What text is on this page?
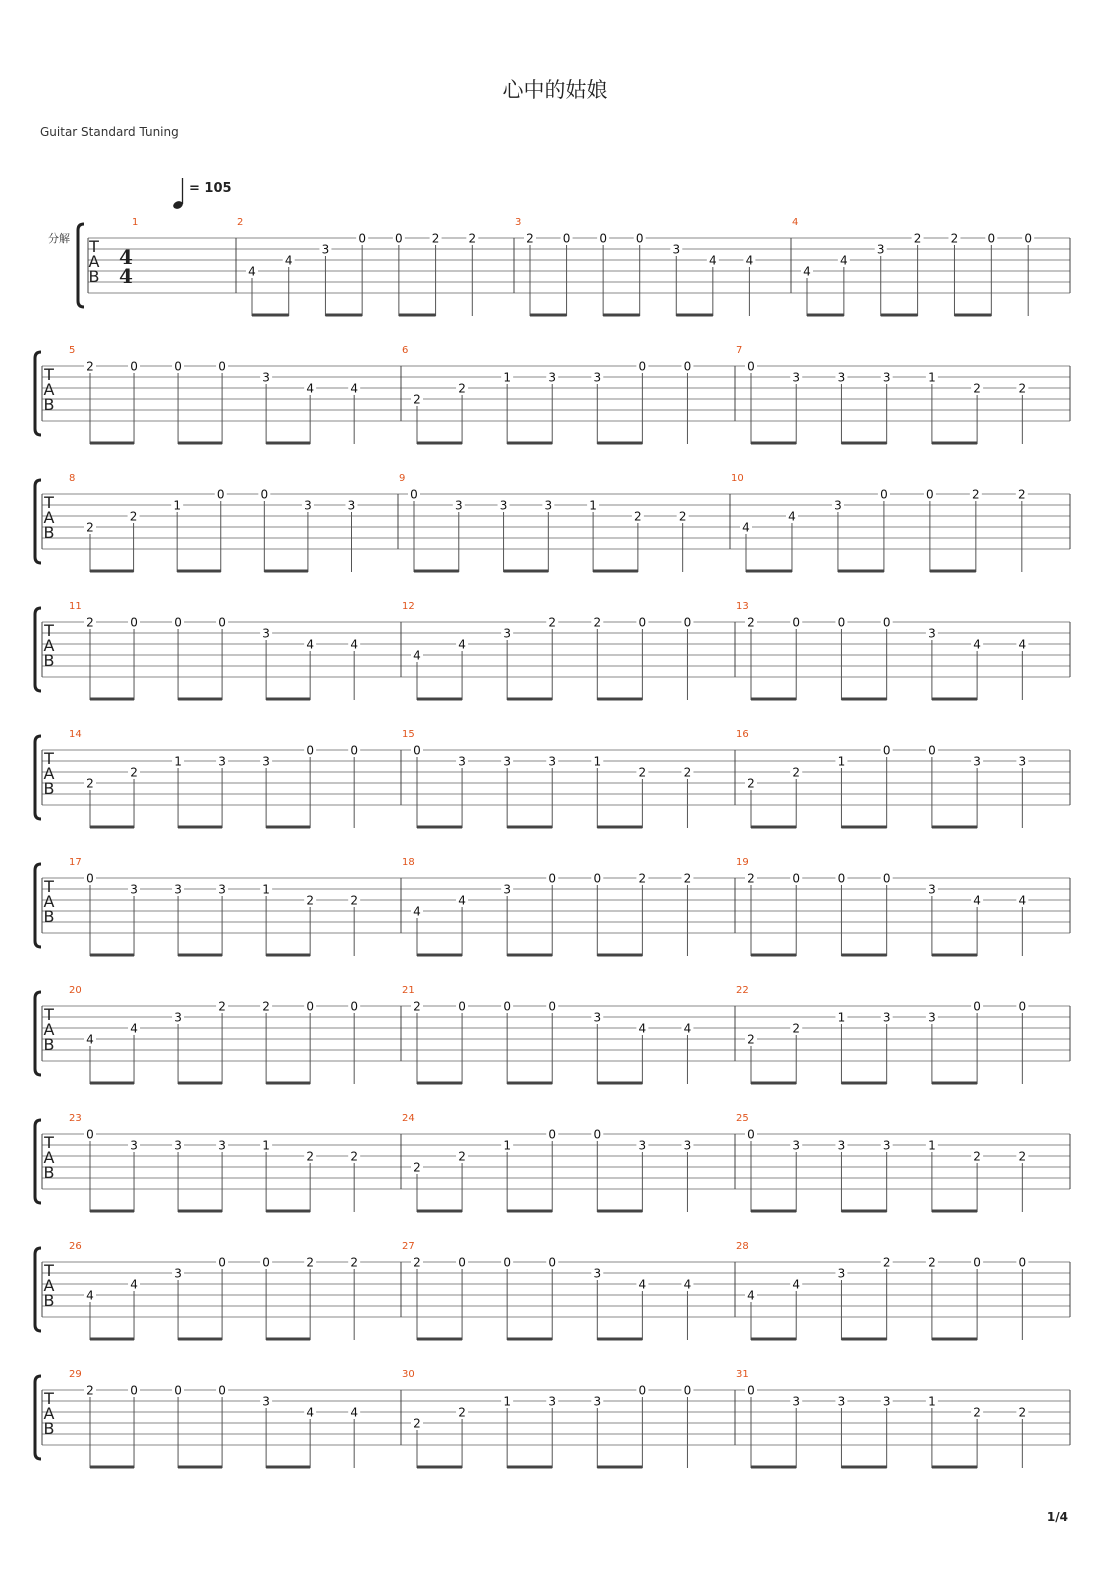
心中的姑娘
Guitar Standard Tuning
= 105
分解 T
A
B
4
4
1	2
4
4
3
0 0 2 2
3
2 0 0 0
3
4 4
4
4
4
3
2 2 0 0
T
A
B
5
2	0	0	0
3
4	4
6
2
2
1	3	3
0	0
7
0
3	3	3	1
2	2
T
A
B
8
2
2
1
0	0
3	3
9
0
3	3	3	1
2	2
10
4
4
3
0	0	2	2
T
A
B
11
2	0	0	0
3
4	4
12
4
4
3
2	2	0	0
13
2	0	0	0
3
4	4
T
A
B
14
2
2
1	3	3
0	0
15
0
3	3	3	1
2	2
16
2
2
1
0	0
3	3
T
A
B
17
0
3	3	3	1
2	2
18
4
4
3
0	0	2	2
19
2	0	0	0
3
4	4
T
A
B
20
4
4
3
2	2	0	0
21
2	0	0	0
3
4	4
22
2
2
1	3	3
0	0
T
A
B
23
0
3	3	3	1
2	2
24
2
2
1
0	0
3	3
25
0
3	3	3	1
2	2
T
A
B
26
4
4
3
0	0	2	2
27
2	0	0	0
3
4	4
28
4
4
3
2	2	0	0
T
A
B
29
2	0	0	0
3
4	4
30
2
2
1	3	3
0	0
31
0
3	3	3	1
2	2
1/4
